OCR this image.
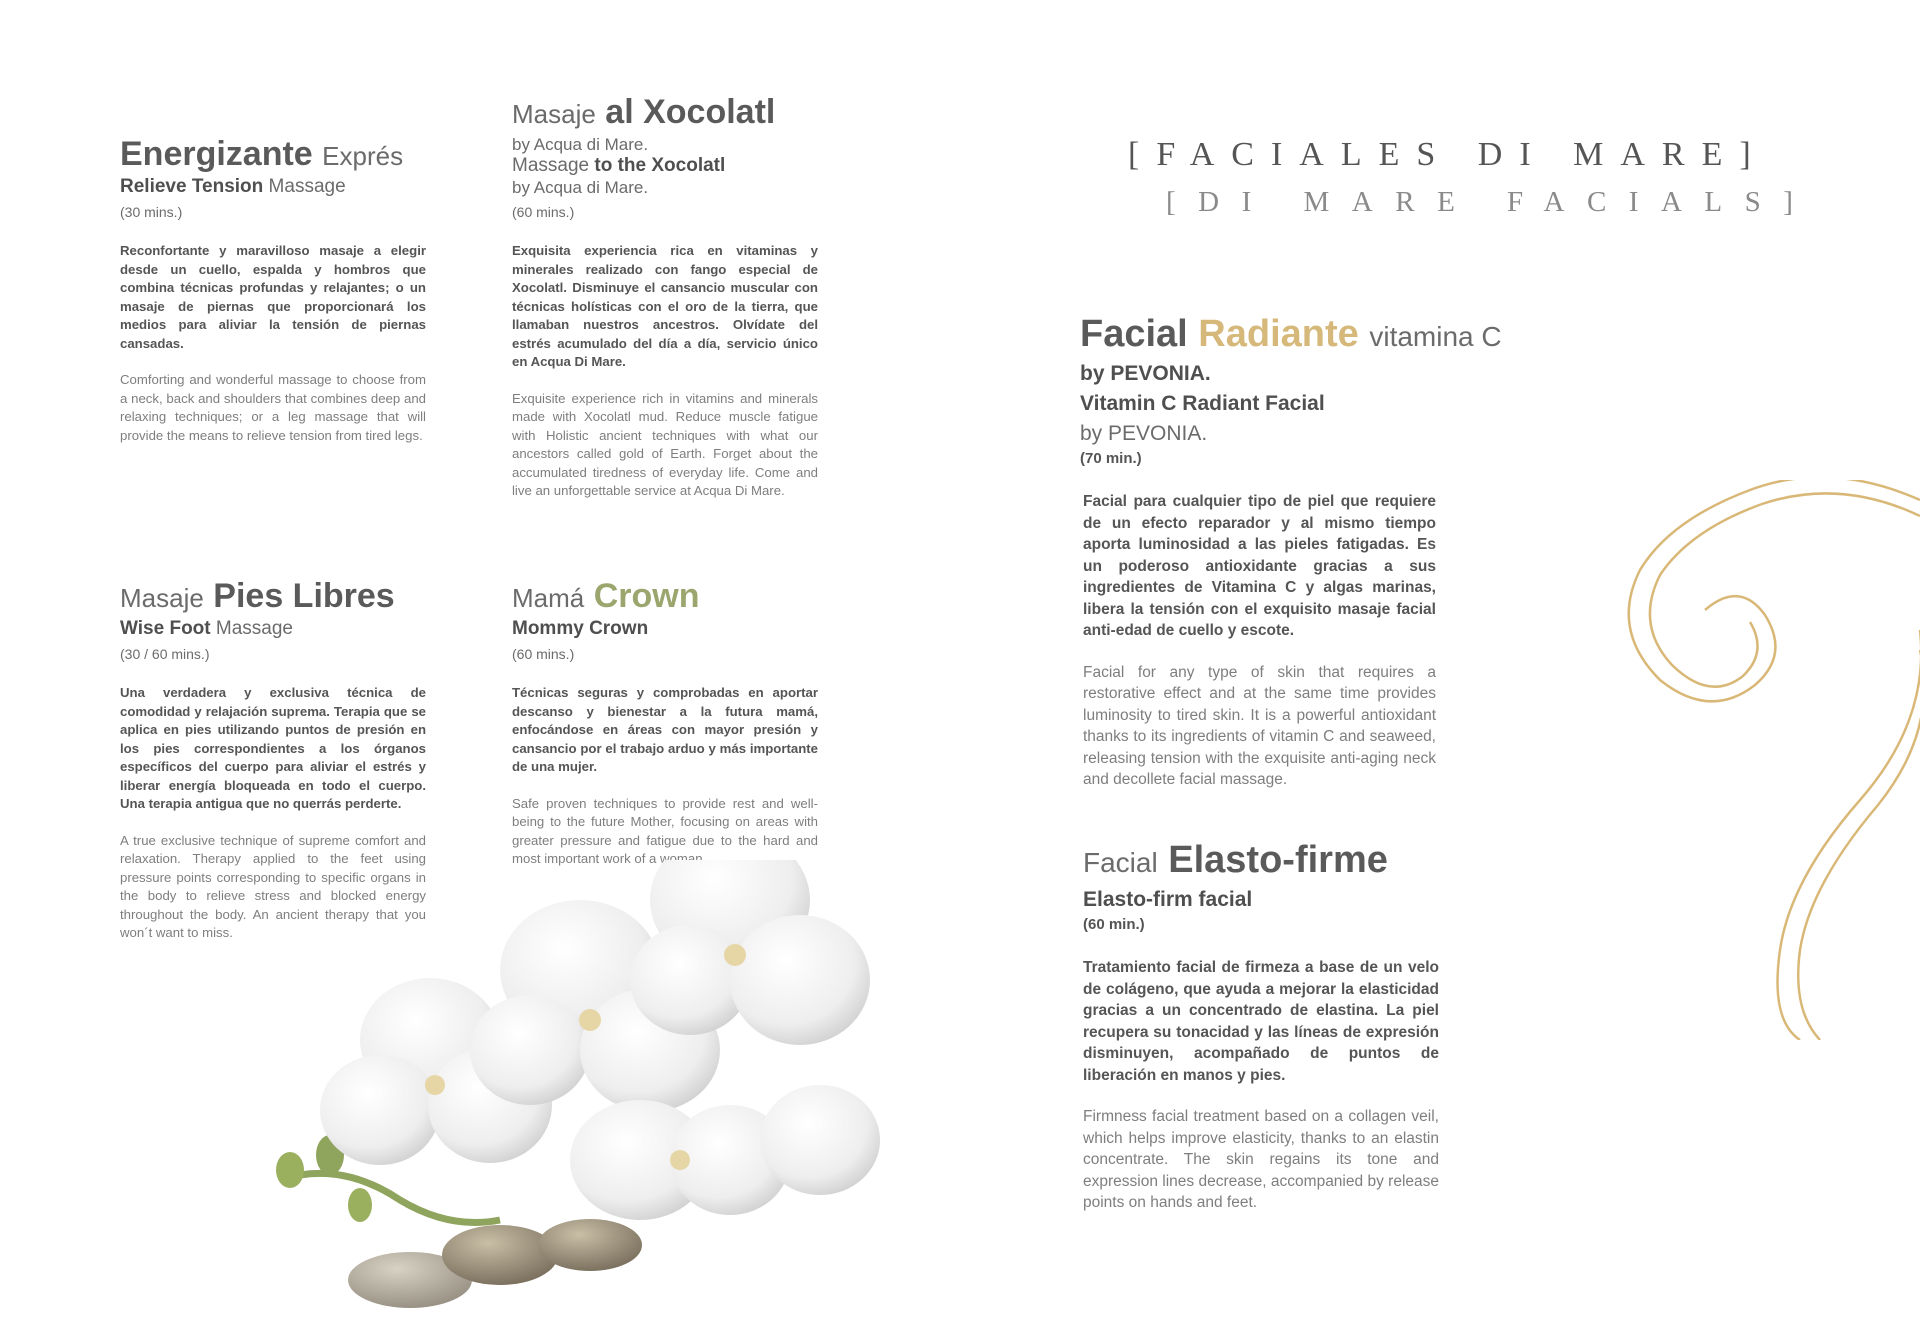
Energizante Exprés
Relieve Tension Massage
(30 mins.)

Reconfortante y maravilloso masaje a elegir desde un cuello, espalda y hombros que combina técnicas profundas y relajantes; o un masaje de piernas que proporcionará los medios para aliviar la tensión de piernas cansadas.

Comforting and wonderful massage to choose from a neck, back and shoulders that combines deep and relaxing techniques; or a leg massage that will provide the means to relieve tension from tired legs.

Masaje al Xocolatl
by Acqua di Mare.
Massage to the Xocolatl
by Acqua di Mare.
(60 mins.)

Exquisita experiencia rica en vitaminas y minerales realizado con fango especial de Xocolatl. Disminuye el cansancio muscular con técnicas holísticas con el oro de la tierra, que llamaban nuestros ancestros. Olvídate del estrés acumulado del día a día, servicio único en Acqua Di Mare.

Exquisite experience rich in vitamins and minerals made with Xocolatl mud. Reduce muscle fatigue with Holistic ancient techniques with what our ancestors called gold of Earth. Forget about the accumulated tiredness of everyday life. Come and live an unforgettable service at Acqua Di Mare.

Masaje Pies Libres
Wise Foot Massage
(30 / 60 mins.)

Una verdadera y exclusiva técnica de comodidad y relajación suprema. Terapia que se aplica en pies utilizando puntos de presión en los pies correspondientes a los órganos específicos del cuerpo para aliviar el estrés y liberar energía bloqueada en todo el cuerpo. Una terapia antigua que no querrás perderte.

A true exclusive technique of supreme comfort and relaxation. Therapy applied to the feet using pressure points corresponding to specific organs in the body to relieve stress and blocked energy throughout the body. An ancient therapy that you won´t want to miss.

Mamá Crown
Mommy Crown
(60 mins.)

Técnicas seguras y comprobadas en aportar descanso y bienestar a la futura mamá, enfocándose en áreas con mayor presión y cansancio por el trabajo arduo y más importante de una mujer.

Safe proven techniques to provide rest and well-being to the future Mother, focusing on areas with greater pressure and fatigue due to the hard and most important work of a woman.

[FACIALES DI MARE]
[DI MARE FACIALS]
Facial Radiante vitamina C
by PEVONIA.
Vitamin C Radiant Facial
by PEVONIA.
(70 min.)

Facial para cualquier tipo de piel que requiere de un efecto reparador y al mismo tiempo aporta luminosidad a las pieles fatigadas. Es un poderoso antioxidante gracias a sus ingredientes de Vitamina C y algas marinas, libera la tensión con el exquisito masaje facial anti-edad de cuello y escote.

Facial for any type of skin that requires a restorative effect and at the same time provides luminosity to tired skin. It is a powerful antioxidant thanks to its ingredients of vitamin C and seaweed, releasing tension with the exquisite anti-aging neck and decollete facial massage.

Facial Elasto-firme
Elasto-firm facial
(60 min.)

Tratamiento facial de firmeza a base de un velo de colágeno, que ayuda a mejorar la elasticidad gracias a un concentrado de elastina. La piel recupera su tonacidad y las líneas de expresión disminuyen, acompañado de puntos de liberación en manos y pies.

Firmness facial treatment based on a collagen veil, which helps improve elasticity, thanks to an elastin concentrate. The skin regains its tone and expression lines decrease, accompanied by release points on hands and feet.
